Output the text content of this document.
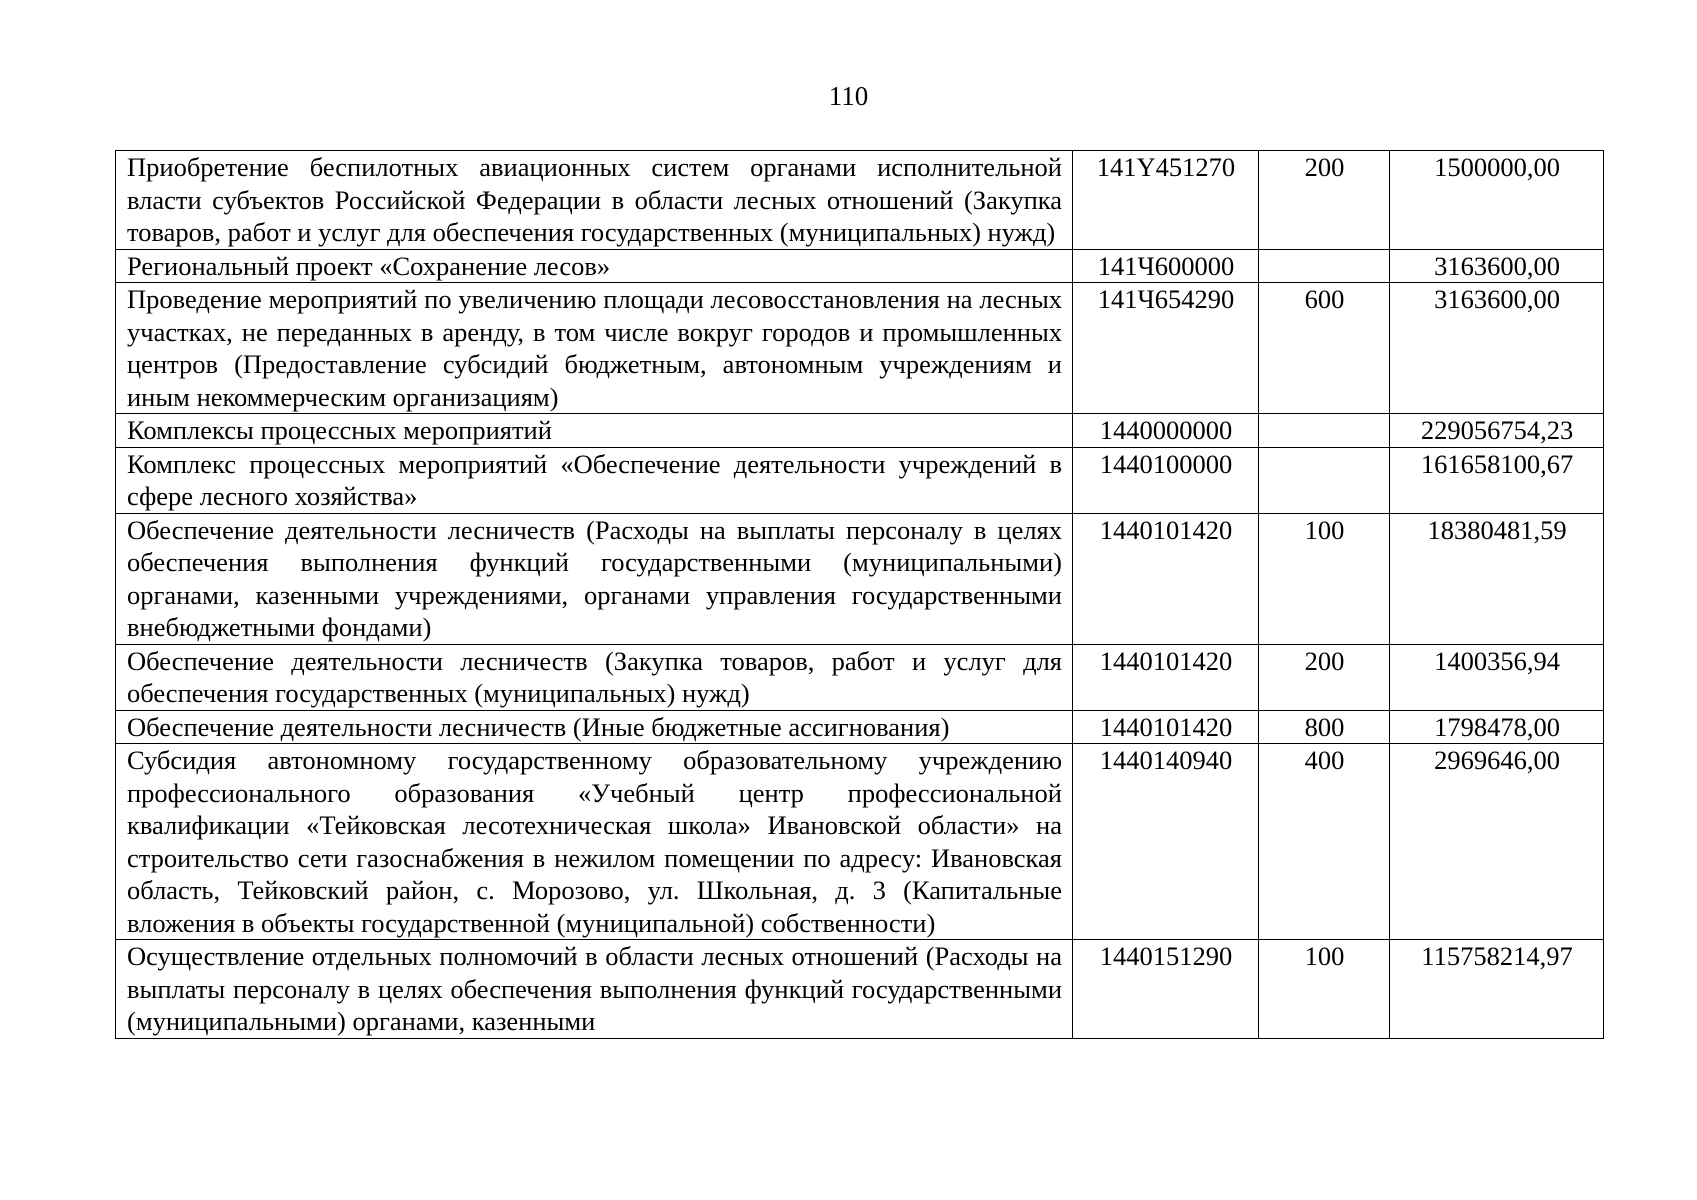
110
Приобретение беспилотных авиационных систем органами исполнительной власти субъектов Российской Федерации в области лесных отношений (Закупка товаров, работ и услуг для обеспечения государственных (муниципальных) нужд)	141Y451270	200	1500000,00
Региональный проект «Сохранение лесов»	141Ч600000		3163600,00
Проведение мероприятий по увеличению площади лесовосстановления на лесных участках, не переданных в аренду, в том числе вокруг городов и промышленных центров (Предоставление субсидий бюджетным, автономным учреждениям и иным некоммерческим организациям)	141Ч654290	600	3163600,00
Комплексы процессных мероприятий	1440000000		229056754,23
Комплекс процессных мероприятий «Обеспечение деятельности учреждений в сфере лесного хозяйства»	1440100000		161658100,67
Обеспечение деятельности лесничеств (Расходы на выплаты персоналу в целях обеспечения выполнения функций государственными (муниципальными) органами, казенными учреждениями, органами управления государственными внебюджетными фондами)	1440101420	100	18380481,59
Обеспечение деятельности лесничеств (Закупка товаров, работ и услуг для обеспечения государственных (муниципальных) нужд)	1440101420	200	1400356,94
Обеспечение деятельности лесничеств (Иные бюджетные ассигнования)	1440101420	800	1798478,00
Субсидия автономному государственному образовательному учреждению профессионального образования «Учебный центр профессиональной квалификации «Тейковская лесотехническая школа» Ивановской области» на строительство сети газоснабжения в нежилом помещении по адресу: Ивановская область, Тейковский район, с. Морозово, ул. Школьная, д. 3 (Капитальные вложения в объекты государственной (муниципальной) собственности)	1440140940	400	2969646,00
Осуществление отдельных полномочий в области лесных отношений (Расходы на выплаты персоналу в целях обеспечения выполнения функций государственными (муниципальными) органами, казенными	1440151290	100	115758214,97
